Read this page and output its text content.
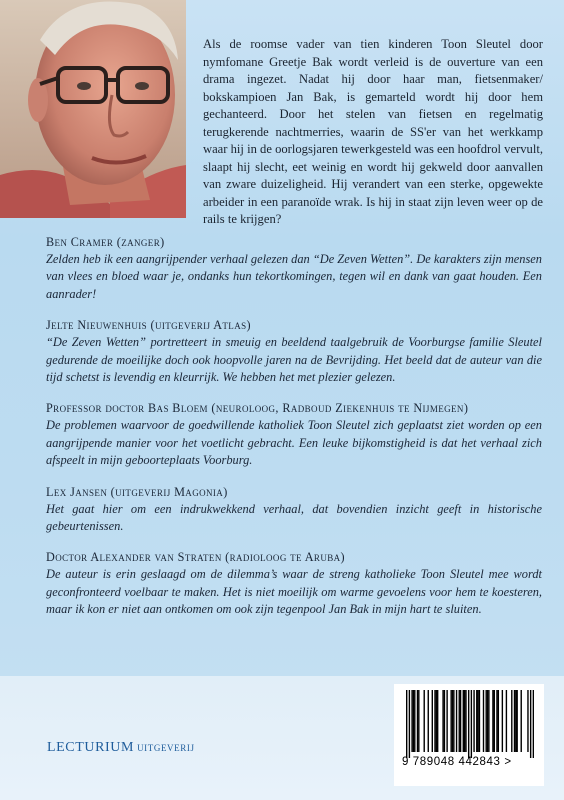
Als de roomse vader van tien kinderen Toon Sleutel door nymfomane Greetje Bak wordt verleid is de ouverture van een drama ingezet. Nadat hij door haar man, fietsenmaker/ bokskampioen Jan Bak, is gemarteld wordt hij door hem gechanteerd. Door het stelen van fietsen en regelmatig terugkerende nachtmerries, waarin de SS'er van het werkkamp waar hij in de oorlogsjaren tewerkgesteld was een hoofdrol vervult, slaapt hij slecht, eet weinig en wordt hij gekweld door aanvallen van zware duizeligheid. Hij verandert van een sterke, opgewekte arbeider in een paranoïde wrak. Is hij in staat zijn leven weer op de rails te krijgen?

Ben Cramer (zanger)
Zelden heb ik een aangrijpender verhaal gelezen dan “De Zeven Wetten”. De karakters zijn mensen van vlees en bloed waar je, ondanks hun tekortkomingen, tegen wil en dank van gaat houden. Een aanrader!
Jelte Nieuwenhuis (uitgeverij Atlas)
“De Zeven Wetten” portretteert in smeuig en beeldend taalgebruik de Voorburgse familie Sleutel gedurende de moeilijke doch ook hoopvolle jaren na de Bevrijding. Het beeld dat de auteur van die tijd schetst is levendig en kleurrijk. We hebben het met plezier gelezen.
Professor doctor Bas Bloem (neuroloog, Radboud Ziekenhuis te Nijmegen)
De problemen waarvoor de goedwillende katholiek Toon Sleutel zich geplaatst ziet worden op een aangrijpende manier voor het voetlicht gebracht. Een leuke bijkomstigheid is dat het verhaal zich afspeelt in mijn geboorteplaats Voorburg.
Lex Jansen (uitgeverij Magonia)
Het gaat hier om een indrukwekkend verhaal, dat bovendien inzicht geeft in historische gebeurtenissen.
Doctor Alexander van Straten (radioloog te Aruba)
De auteur is erin geslaagd om de dilemma’s waar de streng katholieke Toon Sleutel mee wordt geconfronteerd voelbaar te maken. Het is niet moeilijk om warme gevoelens voor hem te koesteren, maar ik kon er niet aan ontkomen om ook zijn tegenpool Jan Bak in mijn hart te sluiten.
LECTURIUM uitgeverij
9 789048 442843 >
